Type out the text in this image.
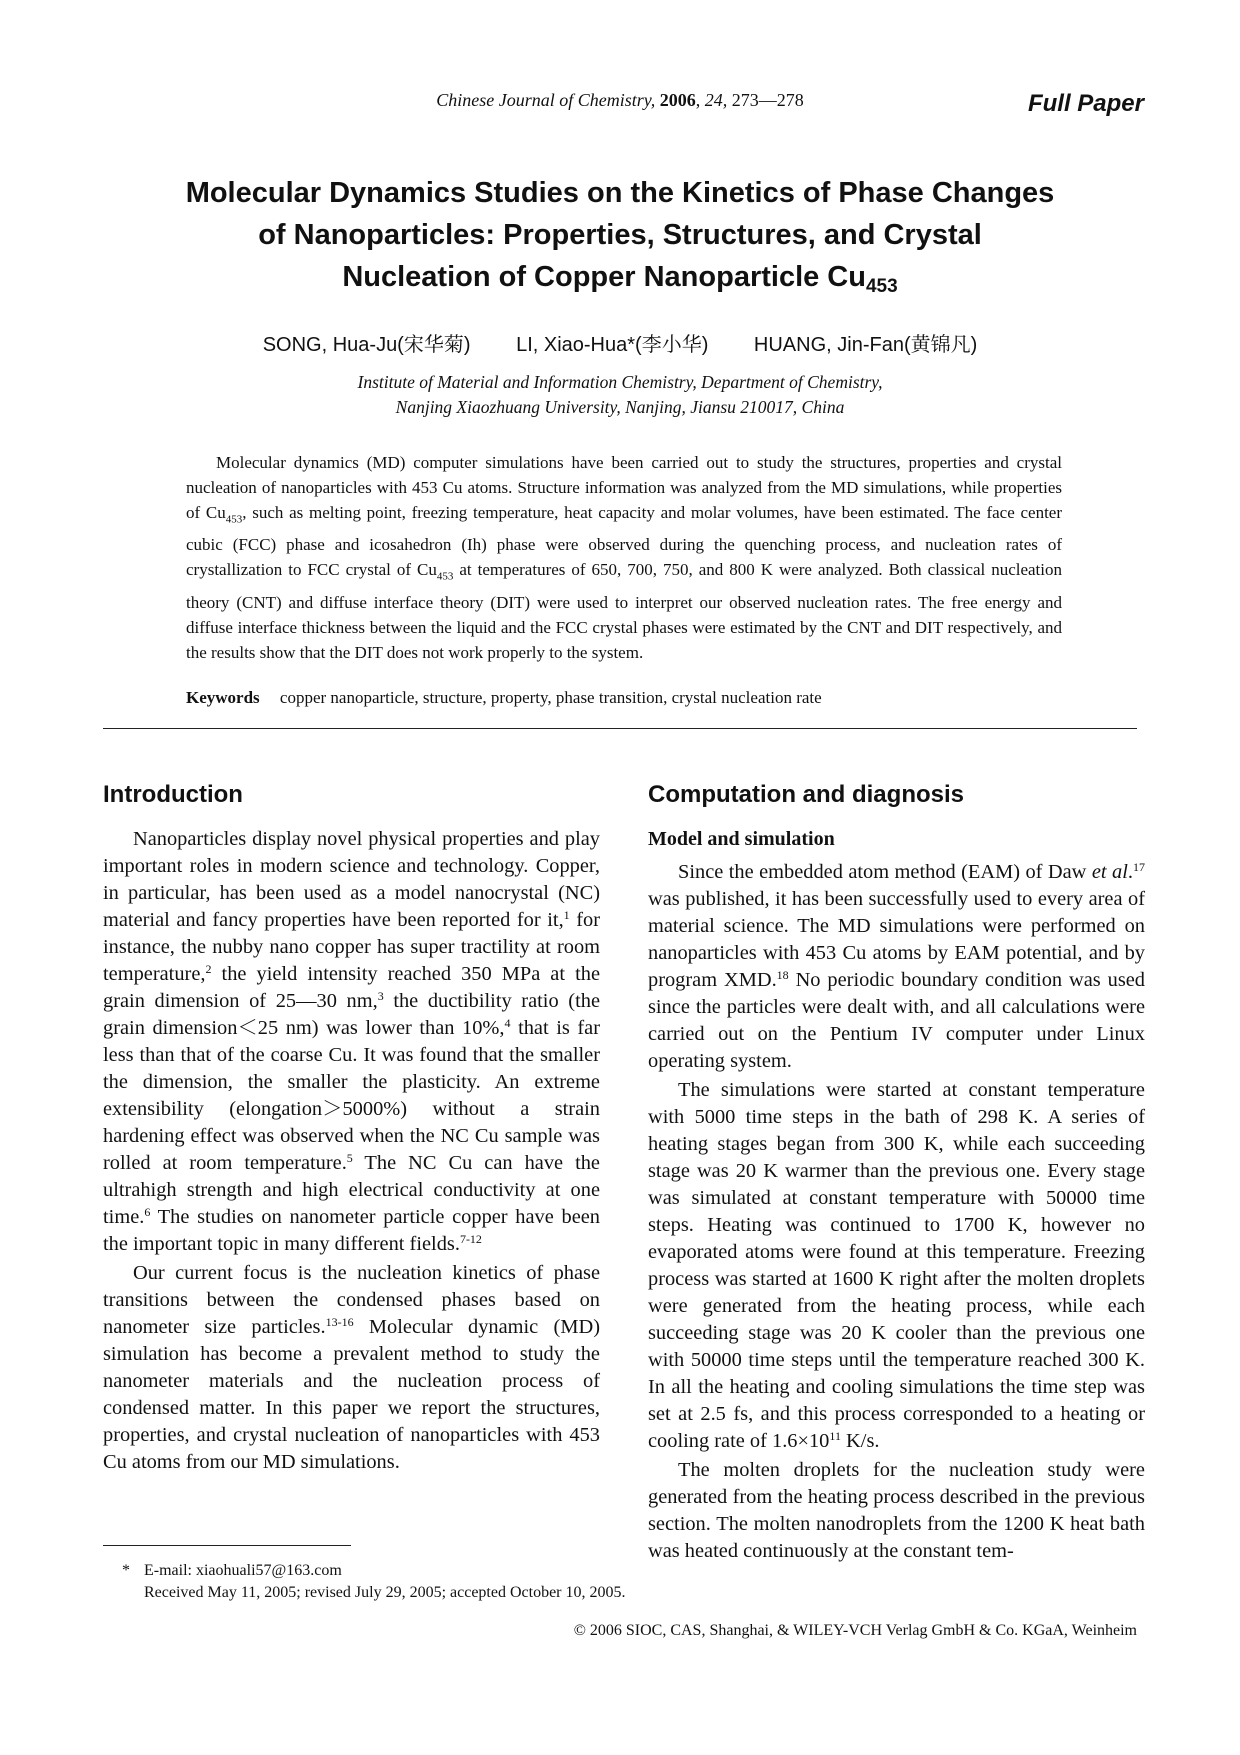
Chinese Journal of Chemistry, 2006, 24, 273—278	Full Paper
Molecular Dynamics Studies on the Kinetics of Phase Changes
of Nanoparticles: Properties, Structures, and Crystal
Nucleation of Copper Nanoparticle $Cu_{453}$
SONG, Hua-Ju(宋华菊) LI, Xiao-Hua*(李小华) HUANG, Jin-Fan(黄锦凡)
Institute of Material and Information Chemistry, Department of Chemistry,
Nanjing Xiaozhuang University, Nanjing, Jiansu 210017, China
Molecular dynamics (MD) computer simulations have been carried out to study the structures, properties and crystal nucleation of nanoparticles with 453 Cu atoms. Structure information was analyzed from the MD simulations, while properties of $Cu_{453}$, such as melting point, freezing temperature, heat capacity and molar volumes, have been estimated. The face center cubic (FCC) phase and icosahedron (Ih) phase were observed during the quenching process, and nucleation rates of crystallization to FCC crystal of $Cu_{453}$ at temperatures of 650, 700, 750, and 800 K were analyzed. Both classical nucleation theory (CNT) and diffuse interface theory (DIT) were used to interpret our observed nucleation rates. The free energy and diffuse interface thickness between the liquid and the FCC crystal phases were estimated by the CNT and DIT respectively, and the results show that the DIT does not work properly to the system.
Keywords copper nanoparticle, structure, property, phase transition, crystal nucleation rate
Introduction

Nanoparticles display novel physical properties and play important roles in modern science and technology. Copper, in particular, has been used as a model nanocrystal (NC) material and fancy properties have been reported for it,$^1$ for instance, the nubby nano copper has super tractility at room temperature,$^2$ the yield intensity reached 350 MPa at the grain dimension of 25—30 nm,$^3$ the ductibility ratio (the grain dimension＜25 nm) was lower than 10%,$^4$ that is far less than that of the coarse Cu. It was found that the smaller the dimension, the smaller the plasticity. An extreme extensibility (elongation＞5000%) without a strain hardening effect was observed when the NC Cu sample was rolled at room temperature.$^5$ The NC Cu can have the ultrahigh strength and high electrical conductivity at one time.$^6$ The studies on nanometer particle copper have been the important topic in many different fields.$^{7-12}$

Our current focus is the nucleation kinetics of phase transitions between the condensed phases based on nanometer size particles.$^{13-16}$ Molecular dynamic (MD) simulation has become a prevalent method to study the nanometer materials and the nucleation process of condensed matter. In this paper we report the structures, properties, and crystal nucleation of nanoparticles with 453 Cu atoms from our MD simulations.

Computation and diagnosis
Model and simulation

Since the embedded atom method (EAM) of Daw et al.$^{17}$ was published, it has been successfully used to every area of material science. The MD simulations were performed on nanoparticles with 453 Cu atoms by EAM potential, and by program XMD.$^{18}$ No periodic boundary condition was used since the particles were dealt with, and all calculations were carried out on the Pentium IV computer under Linux operating system.

The simulations were started at constant temperature with 5000 time steps in the bath of 298 K. A series of heating stages began from 300 K, while each succeeding stage was 20 K warmer than the previous one. Every stage was simulated at constant temperature with 50000 time steps. Heating was continued to 1700 K, however no evaporated atoms were found at this temperature. Freezing process was started at 1600 K right after the molten droplets were generated from the heating process, while each succeeding stage was 20 K cooler than the previous one with 50000 time steps until the temperature reached 300 K. In all the heating and cooling simulations the time step was set at 2.5 fs, and this process corresponded to a heating or cooling rate of $1.6\times 10^{11}$ K/s.

The molten droplets for the nucleation study were generated from the heating process described in the previous section. The molten nanodroplets from the 1200 K heat bath was heated continuously at the constant tem-

* E-mail: xiaohuali57@163.com
Received May 11, 2005; revised July 29, 2005; accepted October 10, 2005.
© 2006 SIOC, CAS, Shanghai, & WILEY-VCH Verlag GmbH & Co. KGaA, Weinheim
